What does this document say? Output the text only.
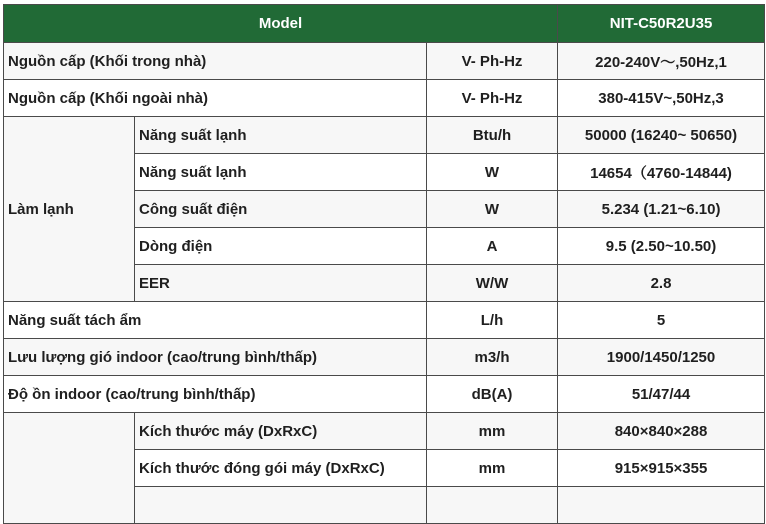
Model			NIT-C50R2U35
Nguồn cấp (Khối trong nhà)		V- Ph-Hz	220-240V～,50Hz,1
Nguồn cấp (Khối ngoài nhà)		V- Ph-Hz	380-415V~,50Hz,3
Làm lạnh	Năng suất lạnh	Btu/h	50000 (16240~ 50650)
	Năng suất lạnh	W	14654（4760-14844)
	Công suất điện	W	5.234 (1.21~6.10)
	Dòng điện	A	9.5 (2.50~10.50)
	EER	W/W	2.8
Năng suất tách ẩm		L/h	5
Lưu lượng gió indoor (cao/trung bình/thấp)		m3/h	1900/1450/1250
Độ ồn indoor (cao/trung bình/thấp)		dB(A)	51/47/44
	Kích thước máy (DxRxC)	mm	840×840×288
	Kích thước đóng gói máy (DxRxC)	mm	915×915×355
